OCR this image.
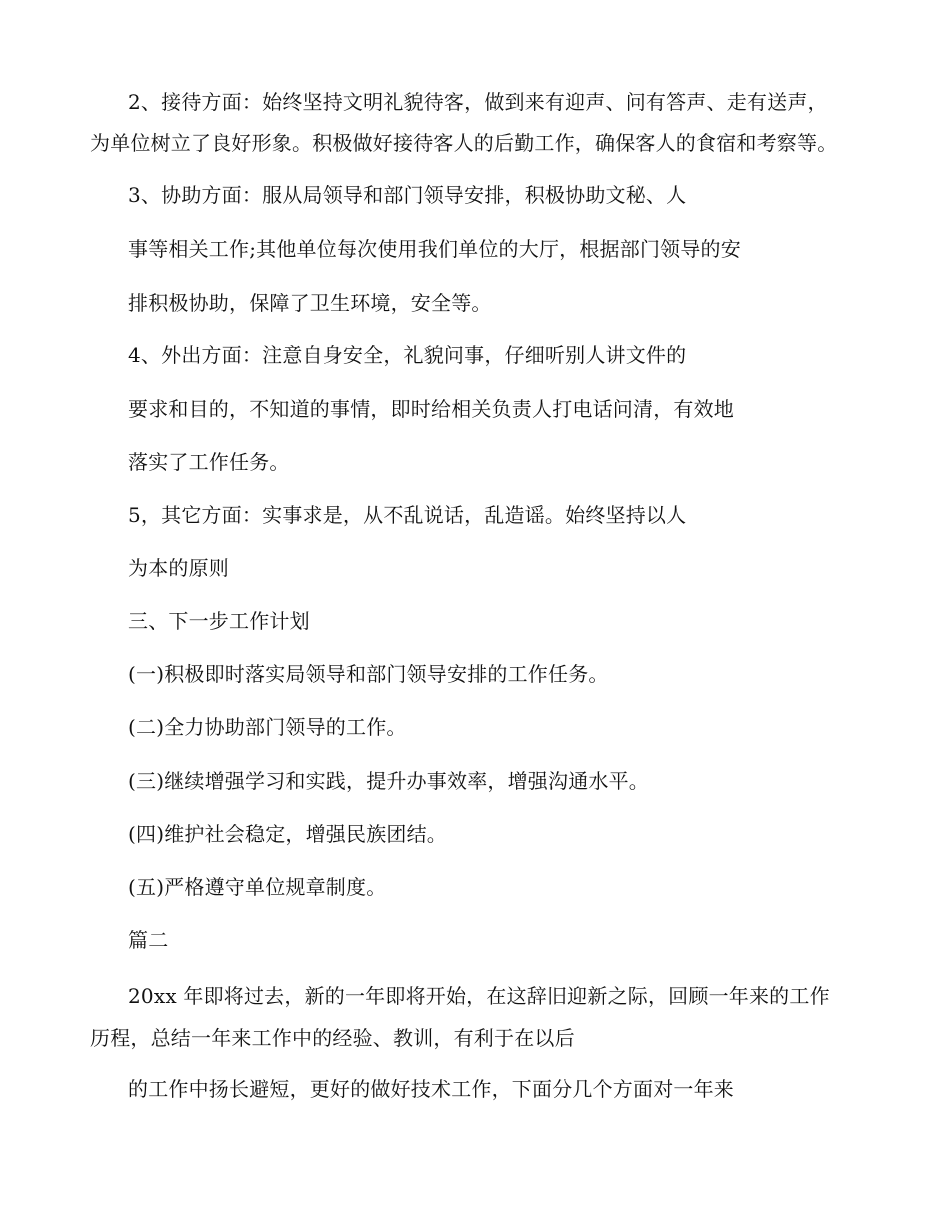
2、接待方面：始终坚持文明礼貌待客，做到来有迎声、问有答声、走有送声，
为单位树立了良好形象。积极做好接待客人的后勤工作，确保客人的食宿和考察等。
3、协助方面：服从局领导和部门领导安排，积极协助文秘、人
事等相关工作;其他单位每次使用我们单位的大厅，根据部门领导的安
排积极协助，保障了卫生环境，安全等。
4、外出方面：注意自身安全，礼貌问事，仔细听别人讲文件的
要求和目的，不知道的事情，即时给相关负责人打电话问清，有效地
落实了工作任务。
5，其它方面：实事求是，从不乱说话，乱造谣。始终坚持以人
为本的原则
三、下一步工作计划
(一)积极即时落实局领导和部门领导安排的工作任务。
(二)全力协助部门领导的工作。
(三)继续增强学习和实践，提升办事效率，增强沟通水平。
(四)维护社会稳定，增强民族团结。
(五)严格遵守单位规章制度。
篇二
20xx 年即将过去，新的一年即将开始，在这辞旧迎新之际，回顾一年来的工作
历程，总结一年来工作中的经验、教训，有利于在以后
的工作中扬长避短，更好的做好技术工作，下面分几个方面对一年来
